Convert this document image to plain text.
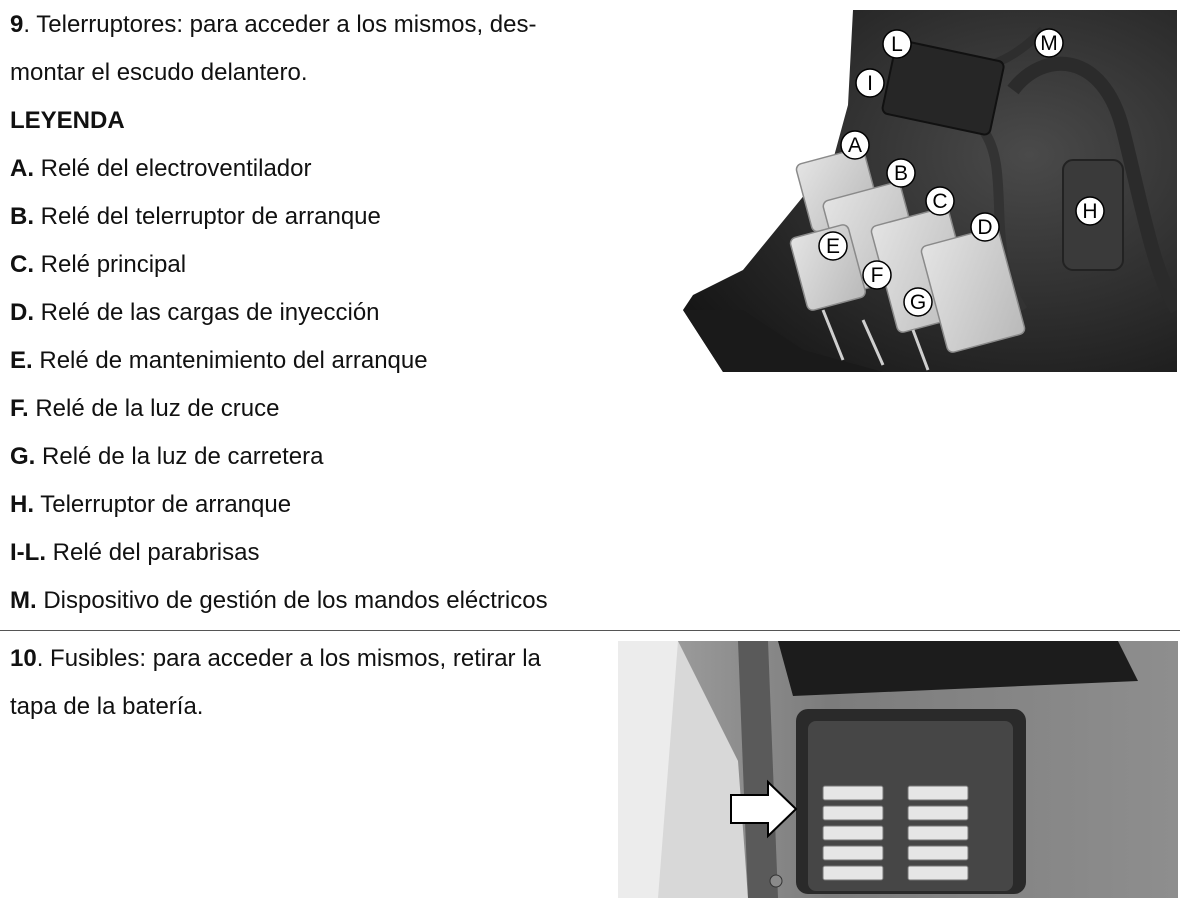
9. Telerruptores: para acceder a los mismos, des-
montar el escudo delantero.
LEYENDA
A. Relé del electroventilador
B. Relé del telerruptor de arranque
C. Relé principal
D. Relé de las cargas de inyección
E. Relé de mantenimiento del arranque
F. Relé de la luz de cruce
G. Relé de la luz de carretera
H. Telerruptor de arranque
I-L. Relé del parabrisas
M. Dispositivo de gestión de los mandos eléctricos
10. Fusibles: para acceder a los mismos, retirar la
tapa de la batería.
L
I
M
A
B
C
D
H
E
F
G
